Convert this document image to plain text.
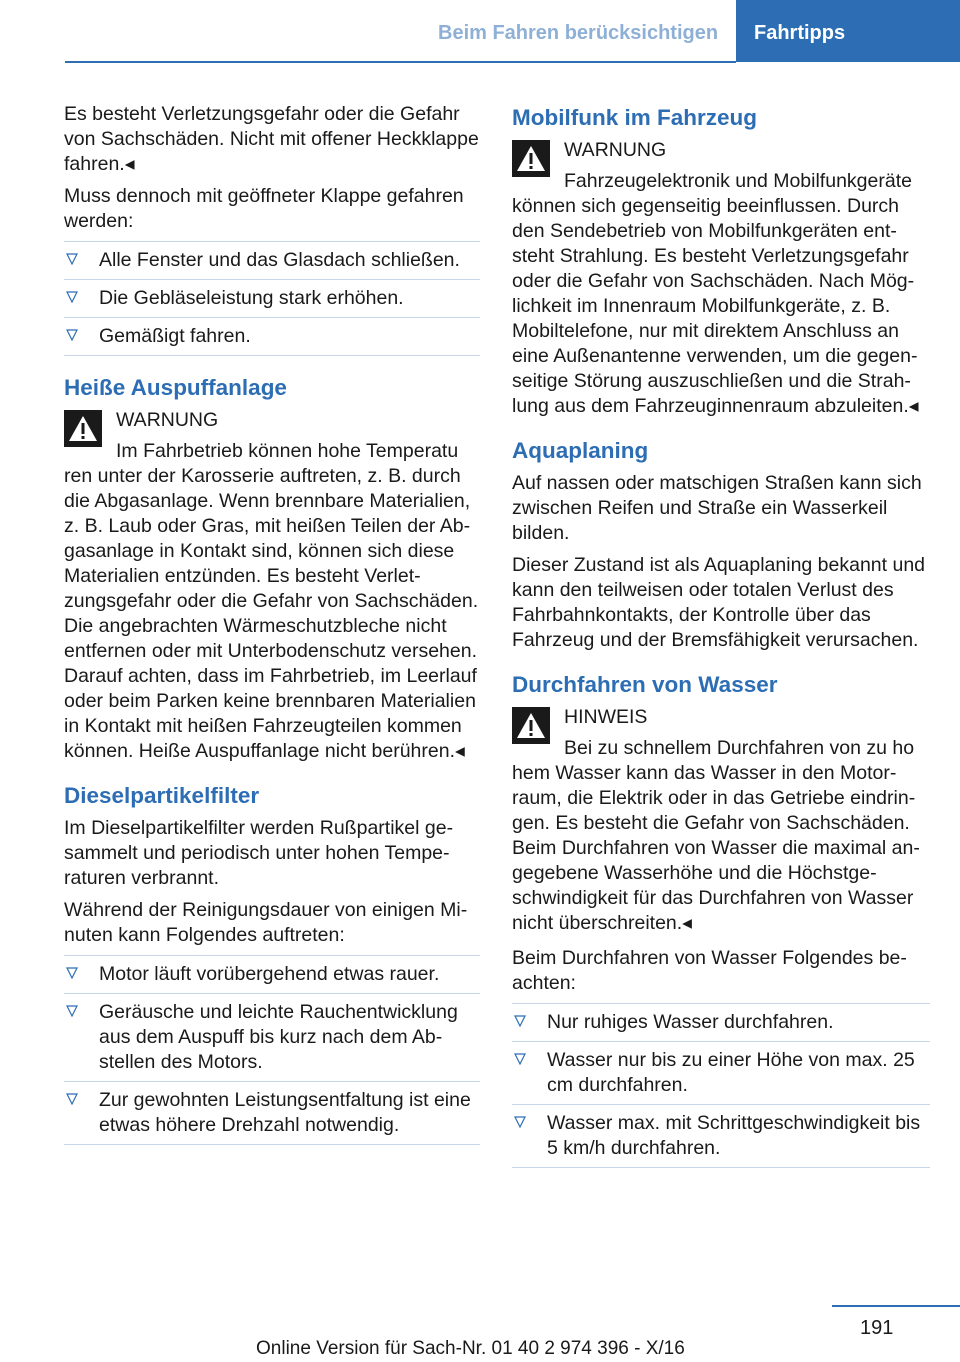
Beim Fahren berücksichtigen	Fahrtipps

Es besteht Verletzungsgefahr oder die Gefahr von Sachschäden. Nicht mit offener Heckklappe fahren.◂

Muss dennoch mit geöffneter Klappe gefahren werden:

Alle Fenster und das Glasdach schließen.
Die Gebläseleistung stark erhöhen.
Gemäßigt fahren.
Heiße Auspuffanlage

WARNUNG

Im Fahrbetrieb können hohe Temperatu

ren unter der Karosserie auftreten, z. B. durch die Abgasanlage. Wenn brennbare Materialien, z. B. Laub oder Gras, mit heißen Teilen der Abgasanlage in Kontakt sind, können sich diese Materialien entzünden. Es besteht Verletzungsgefahr oder die Gefahr von Sachschäden. Die angebrachten Wärmeschutzbleche nicht entfernen oder mit Unterbodenschutz versehen. Darauf achten, dass im Fahrbetrieb, im Leerlauf oder beim Parken keine brennbaren Materialien in Kontakt mit heißen Fahrzeugteilen kommen können. Heiße Auspuffanlage nicht berühren.◂

Dieselpartikelfilter

Im Dieselpartikelfilter werden Rußpartikel gesammelt und periodisch unter hohen Temperaturen verbrannt.

Während der Reinigungsdauer von einigen Minuten kann Folgendes auftreten:

Motor läuft vorübergehend etwas rauer.
Geräusche und leichte Rauchentwicklung aus dem Auspuff bis kurz nach dem Abstellen des Motors.
Zur gewohnten Leistungsentfaltung ist eine etwas höhere Drehzahl notwendig.
Mobilfunk im Fahrzeug

WARNUNG

Fahrzeugelektronik und Mobilfunkgeräte

können sich gegenseitig beeinflussen. Durch den Sendebetrieb von Mobilfunkgeräten entsteht Strahlung. Es besteht Verletzungsgefahr oder die Gefahr von Sachschäden. Nach Möglichkeit im Innenraum Mobilfunkgeräte, z. B. Mobiltelefone, nur mit direktem Anschluss an eine Außenantenne verwenden, um die gegenseitige Störung auszuschließen und die Strahlung aus dem Fahrzeuginnenraum abzuleiten.◂

Aquaplaning

Auf nassen oder matschigen Straßen kann sich zwischen Reifen und Straße ein Wasserkeil bilden.

Dieser Zustand ist als Aquaplaning bekannt und kann den teilweisen oder totalen Verlust des Fahrbahnkontakts, der Kontrolle über das Fahrzeug und der Bremsfähigkeit verursachen.

Durchfahren von Wasser

HINWEIS

Bei zu schnellem Durchfahren von zu ho

hem Wasser kann das Wasser in den Motorraum, die Elektrik oder in das Getriebe eindringen. Es besteht die Gefahr von Sachschäden. Beim Durchfahren von Wasser die maximal angegebene Wasserhöhe und die Höchstgeschwindigkeit für das Durchfahren von Wasser nicht überschreiten.◂

Beim Durchfahren von Wasser Folgendes beachten:

Nur ruhiges Wasser durchfahren.
Wasser nur bis zu einer Höhe von max. 25 cm durchfahren.
Wasser max. mit Schrittgeschwindigkeit bis 5 km/h durchfahren.
191
Online Version für Sach-Nr. 01 40 2 974 396 - X/16
